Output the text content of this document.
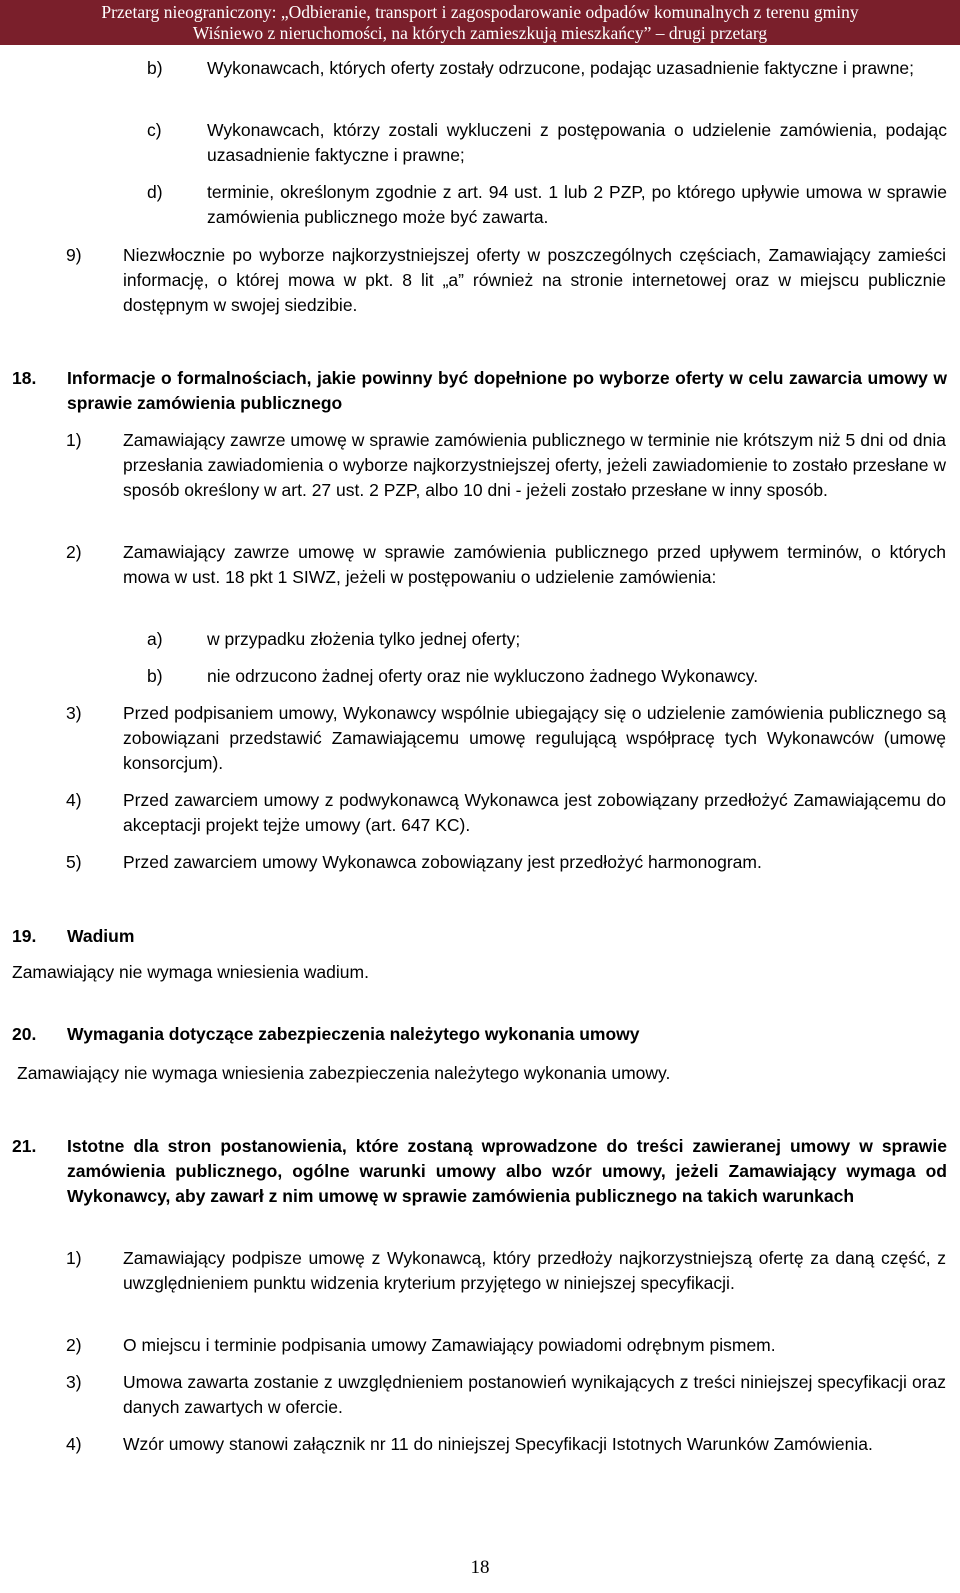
Przetarg nieograniczony: „Odbieranie, transport i zagospodarowanie odpadów komunalnych z terenu gminy
Wiśniewo z nieruchomości, na których zamieszkują mieszkańcy” – drugi przetarg
b)	Wykonawcach, których oferty zostały odrzucone, podając uzasadnienie faktyczne i prawne;
c)	Wykonawcach, którzy zostali wykluczeni z postępowania o udzielenie zamówienia, podając uzasadnienie faktyczne i prawne;
d)	terminie, określonym zgodnie z art. 94 ust. 1 lub 2 PZP, po którego upływie umowa w sprawie zamówienia publicznego może być zawarta.
9) Niezwłocznie po wyborze najkorzystniejszej oferty w poszczególnych częściach, Zamawiający zamieści informację, o której mowa w pkt. 8 lit „a” również na stronie internetowej oraz w miejscu publicznie dostępnym w swojej siedzibie.
18. Informacje o formalnościach, jakie powinny być dopełnione po wyborze oferty w celu zawarcia umowy w sprawie zamówienia publicznego
1) Zamawiający zawrze umowę w sprawie zamówienia publicznego w terminie nie krótszym niż 5 dni od dnia przesłania zawiadomienia o wyborze najkorzystniejszej oferty, jeżeli zawiadomienie to zostało przesłane w sposób określony w art. 27 ust. 2 PZP, albo 10 dni - jeżeli zostało przesłane w inny sposób.
2) Zamawiający zawrze umowę w sprawie zamówienia publicznego przed upływem terminów, o których mowa w ust. 18 pkt 1 SIWZ, jeżeli w postępowaniu o udzielenie zamówienia:
a)	w przypadku złożenia tylko jednej oferty;
b)	nie odrzucono żadnej oferty oraz nie wykluczono żadnego Wykonawcy.
3) Przed podpisaniem umowy, Wykonawcy wspólnie ubiegający się o udzielenie zamówienia publicznego są zobowiązani przedstawić Zamawiającemu umowę regulującą współpracę tych Wykonawców (umowę konsorcjum).
4) Przed zawarciem umowy z podwykonawcą Wykonawca jest zobowiązany przedłożyć Zamawiającemu do akceptacji projekt tejże umowy (art. 647 KC).
5) Przed zawarciem umowy Wykonawca zobowiązany jest przedłożyć harmonogram.
19. Wadium
Zamawiający nie wymaga wniesienia wadium.
20. Wymagania dotyczące zabezpieczenia należytego wykonania umowy
Zamawiający nie wymaga wniesienia zabezpieczenia należytego wykonania umowy.
21. Istotne dla stron postanowienia, które zostaną wprowadzone do treści zawieranej umowy w sprawie zamówienia publicznego, ogólne warunki umowy albo wzór umowy, jeżeli Zamawiający wymaga od Wykonawcy, aby zawarł z nim umowę w sprawie zamówienia publicznego na takich warunkach
1) Zamawiający podpisze umowę z Wykonawcą, który przedłoży najkorzystniejszą ofertę za daną część, z uwzględnieniem punktu widzenia kryterium przyjętego w niniejszej specyfikacji.
2) O miejscu i terminie podpisania umowy Zamawiający powiadomi odrębnym pismem.
3) Umowa zawarta zostanie z uwzględnieniem postanowień wynikających z treści niniejszej specyfikacji oraz danych zawartych w ofercie.
4) Wzór umowy stanowi załącznik nr 11 do niniejszej Specyfikacji Istotnych Warunków Zamówienia.
18
